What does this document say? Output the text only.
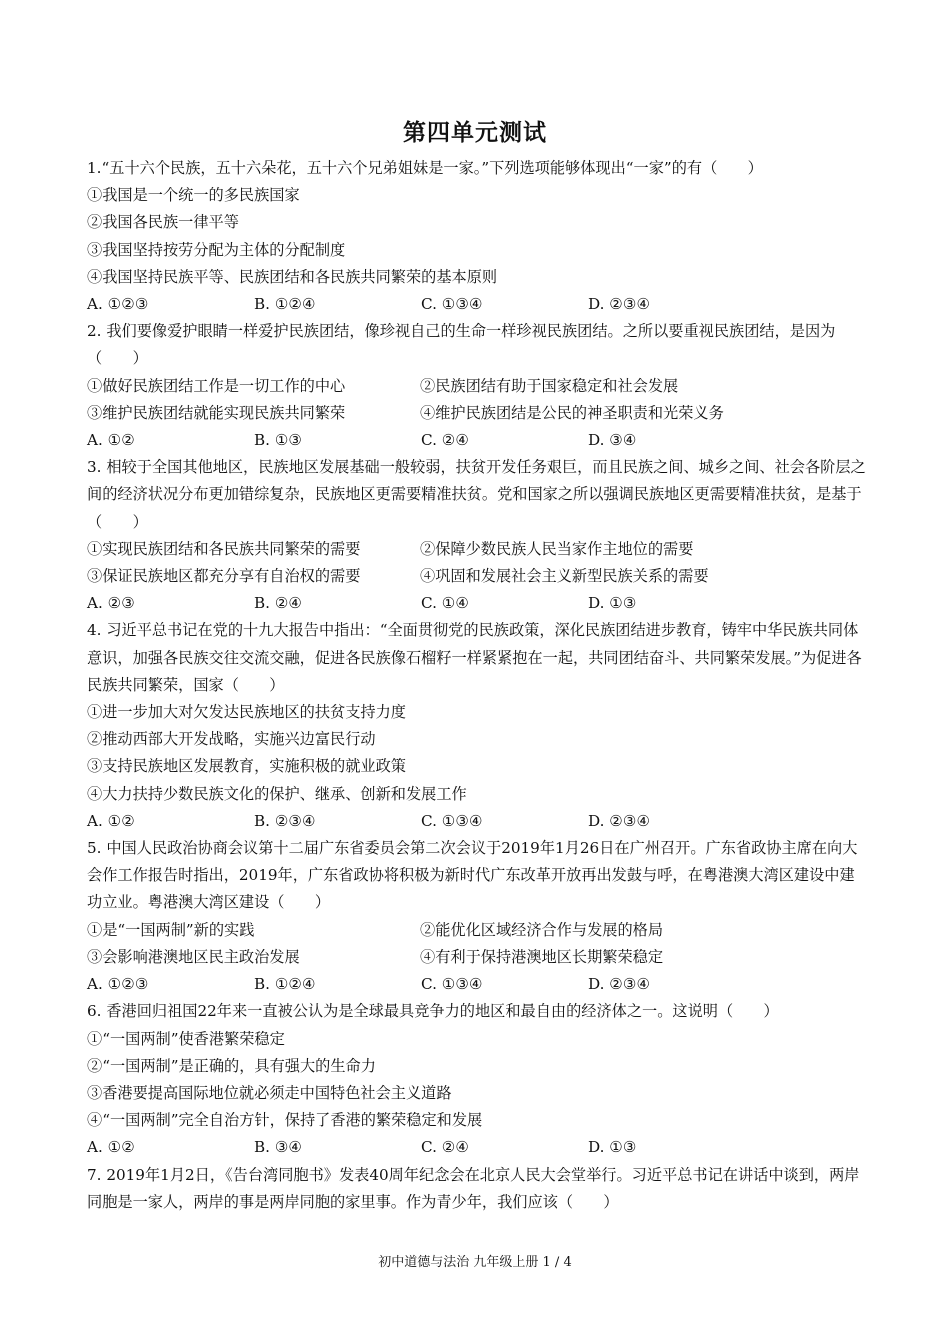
第四单元测试
1.“五十六个民族，五十六朵花，五十六个兄弟姐妹是一家。”下列选项能够体现出“一家”的有（　　）
①我国是一个统一的多民族国家
②我国各民族一律平等
③我国坚持按劳分配为主体的分配制度
④我国坚持民族平等、民族团结和各民族共同繁荣的基本原则
A. ①②③	B. ①②④	C. ①③④	D. ②③④
2. 我们要像爱护眼睛一样爱护民族团结，像珍视自己的生命一样珍视民族团结。之所以要重视民族团结，是因为（　　）
①做好民族团结工作是一切工作的中心	②民族团结有助于国家稳定和社会发展
③维护民族团结就能实现民族共同繁荣	④维护民族团结是公民的神圣职责和光荣义务
A. ①②	B. ①③	C. ②④	D. ③④
3. 相较于全国其他地区，民族地区发展基础一般较弱，扶贫开发任务艰巨，而且民族之间、城乡之间、社会各阶层之间的经济状况分布更加错综复杂，民族地区更需要精准扶贫。党和国家之所以强调民族地区更需要精准扶贫，是基于（　　）
①实现民族团结和各民族共同繁荣的需要	②保障少数民族人民当家作主地位的需要
③保证民族地区都充分享有自治权的需要	④巩固和发展社会主义新型民族关系的需要
A. ②③	B. ②④	C. ①④	D. ①③
4. 习近平总书记在党的十九大报告中指出：“全面贯彻党的民族政策，深化民族团结进步教育，铸牢中华民族共同体意识，加强各民族交往交流交融，促进各民族像石榴籽一样紧紧抱在一起，共同团结奋斗、共同繁荣发展。”为促进各民族共同繁荣，国家（　　）
①进一步加大对欠发达民族地区的扶贫支持力度
②推动西部大开发战略，实施兴边富民行动
③支持民族地区发展教育，实施积极的就业政策
④大力扶持少数民族文化的保护、继承、创新和发展工作
A. ①②	B. ②③④	C. ①③④	D. ②③④
5. 中国人民政治协商会议第十二届广东省委员会第二次会议于2019年1月26日在广州召开。广东省政协主席在向大会作工作报告时指出，2019年，广东省政协将积极为新时代广东改革开放再出发鼓与呼，在粤港澳大湾区建设中建功立业。粤港澳大湾区建设（　　）
①是“一国两制”新的实践	②能优化区域经济合作与发展的格局
③会影响港澳地区民主政治发展	④有利于保持港澳地区长期繁荣稳定
A. ①②③	B. ①②④	C. ①③④	D. ②③④
6. 香港回归祖国22年来一直被公认为是全球最具竞争力的地区和最自由的经济体之一。这说明（　　）
①“一国两制”使香港繁荣稳定
②“一国两制”是正确的，具有强大的生命力
③香港要提高国际地位就必须走中国特色社会主义道路
④“一国两制”完全自治方针，保持了香港的繁荣稳定和发展
A. ①②	B. ③④	C. ②④	D. ①③
7. 2019年1月2日，《告台湾同胞书》发表40周年纪念会在北京人民大会堂举行。习近平总书记在讲话中谈到，两岸同胞是一家人，两岸的事是两岸同胞的家里事。作为青少年，我们应该（　　）
初中道德与法治 九年级上册 1 / 4
